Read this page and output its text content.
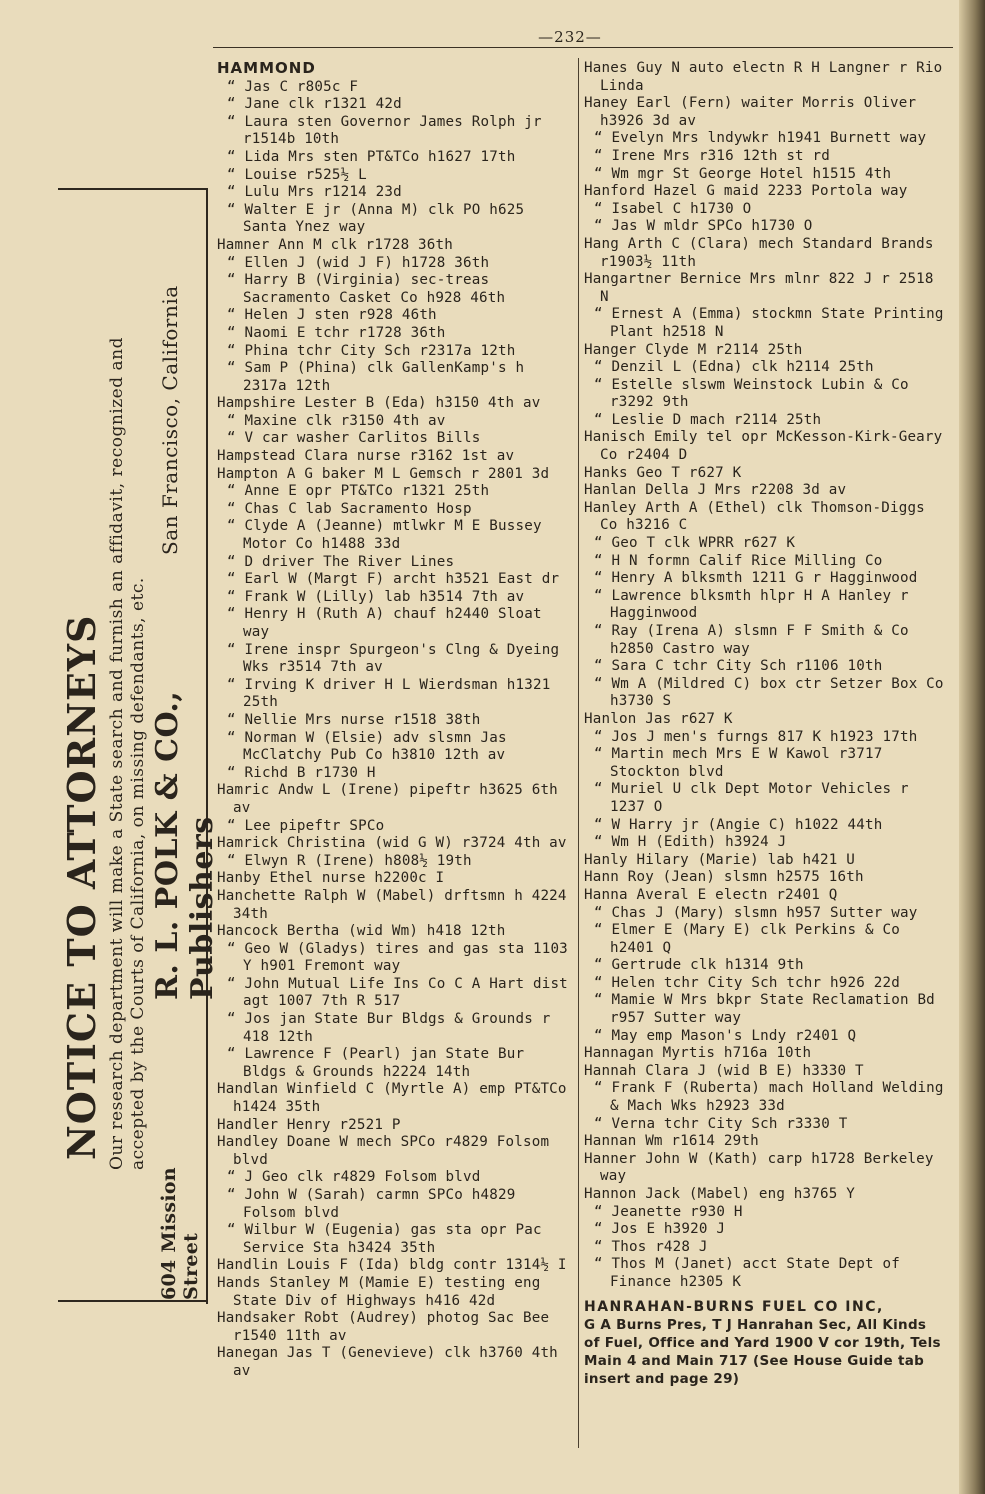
—232—
NOTICE TO ATTORNEYS Our research department will make a State search and furnish an affidavit, recognized and accepted by the Courts of California, on missing defendants, etc.
604 Mission Street
R. L. POLK & CO., Publishers
San Francisco, California
HAMMOND

“ Jas C r805c F

“ Jane clk r1321 42d

“ Laura sten Governor James Rolph jr r1514b 10th

“ Lida Mrs sten PT&TCo h1627 17th

“ Louise r525½ L

“ Lulu Mrs r1214 23d

“ Walter E jr (Anna M) clk PO h625 Santa Ynez way

Hamner Ann M clk r1728 36th

“ Ellen J (wid J F) h1728 36th

“ Harry B (Virginia) sec-treas Sacramento Casket Co h928 46th

“ Helen J sten r928 46th

“ Naomi E tchr r1728 36th

“ Phina tchr City Sch r2317a 12th

“ Sam P (Phina) clk GallenKamp's h 2317a 12th

Hampshire Lester B (Eda) h3150 4th av

“ Maxine clk r3150 4th av

“ V car washer Carlitos Bills

Hampstead Clara nurse r3162 1st av

Hampton A G baker M L Gemsch r 2801 3d

“ Anne E opr PT&TCo r1321 25th

“ Chas C lab Sacramento Hosp

“ Clyde A (Jeanne) mtlwkr M E Bussey Motor Co h1488 33d

“ D driver The River Lines

“ Earl W (Margt F) archt h3521 East dr

“ Frank W (Lilly) lab h3514 7th av

“ Henry H (Ruth A) chauf h2440 Sloat way

“ Irene inspr Spurgeon's Clng & Dyeing Wks r3514 7th av

“ Irving K driver H L Wierdsman h1321 25th

“ Nellie Mrs nurse r1518 38th

“ Norman W (Elsie) adv slsmn Jas McClatchy Pub Co h3810 12th av

“ Richd B r1730 H

Hamric Andw L (Irene) pipeftr h3625 6th av

“ Lee pipeftr SPCo

Hamrick Christina (wid G W) r3724 4th av

“ Elwyn R (Irene) h808½ 19th

Hanby Ethel nurse h2200c I

Hanchette Ralph W (Mabel) drftsmn h 4224 34th

Hancock Bertha (wid Wm) h418 12th

“ Geo W (Gladys) tires and gas sta 1103 Y h901 Fremont way

“ John Mutual Life Ins Co C A Hart dist agt 1007 7th R 517

“ Jos jan State Bur Bldgs & Grounds r 418 12th

“ Lawrence F (Pearl) jan State Bur Bldgs & Grounds h2224 14th

Handlan Winfield C (Myrtle A) emp PT&TCo h1424 35th

Handler Henry r2521 P

Handley Doane W mech SPCo r4829 Folsom blvd

“ J Geo clk r4829 Folsom blvd

“ John W (Sarah) carmn SPCo h4829 Folsom blvd

“ Wilbur W (Eugenia) gas sta opr Pac Service Sta h3424 35th

Handlin Louis F (Ida) bldg contr 1314½ I

Hands Stanley M (Mamie E) testing eng State Div of Highways h416 42d

Handsaker Robt (Audrey) photog Sac Bee r1540 11th av

Hanegan Jas T (Genevieve) clk h3760 4th av

Hanes Guy N auto electn R H Langner r Rio Linda

Haney Earl (Fern) waiter Morris Oliver h3926 3d av

“ Evelyn Mrs lndywkr h1941 Burnett way

“ Irene Mrs r316 12th st rd

“ Wm mgr St George Hotel h1515 4th

Hanford Hazel G maid 2233 Portola way

“ Isabel C h1730 O

“ Jas W mldr SPCo h1730 O

Hang Arth C (Clara) mech Standard Brands r1903½ 11th

Hangartner Bernice Mrs mlnr 822 J r 2518 N

“ Ernest A (Emma) stockmn State Printing Plant h2518 N

Hanger Clyde M r2114 25th

“ Denzil L (Edna) clk h2114 25th

“ Estelle slswm Weinstock Lubin & Co r3292 9th

“ Leslie D mach r2114 25th

Hanisch Emily tel opr McKesson-Kirk-Geary Co r2404 D

Hanks Geo T r627 K

Hanlan Della J Mrs r2208 3d av

Hanley Arth A (Ethel) clk Thomson-Diggs Co h3216 C

“ Geo T clk WPRR r627 K

“ H N formn Calif Rice Milling Co

“ Henry A blksmth 1211 G r Hagginwood

“ Lawrence blksmth hlpr H A Hanley r Hagginwood

“ Ray (Irena A) slsmn F F Smith & Co h2850 Castro way

“ Sara C tchr City Sch r1106 10th

“ Wm A (Mildred C) box ctr Setzer Box Co h3730 S

Hanlon Jas r627 K

“ Jos J men's furngs 817 K h1923 17th

“ Martin mech Mrs E W Kawol r3717 Stockton blvd

“ Muriel U clk Dept Motor Vehicles r 1237 O

“ W Harry jr (Angie C) h1022 44th

“ Wm H (Edith) h3924 J

Hanly Hilary (Marie) lab h421 U

Hann Roy (Jean) slsmn h2575 16th

Hanna Averal E electn r2401 Q

“ Chas J (Mary) slsmn h957 Sutter way

“ Elmer E (Mary E) clk Perkins & Co h2401 Q

“ Gertrude clk h1314 9th

“ Helen tchr City Sch tchr h926 22d

“ Mamie W Mrs bkpr State Reclamation Bd r957 Sutter way

“ May emp Mason's Lndy r2401 Q

Hannagan Myrtis h716a 10th

Hannah Clara J (wid B E) h3330 T

“ Frank F (Ruberta) mach Holland Welding & Mach Wks h2923 33d

“ Verna tchr City Sch r3330 T

Hannan Wm r1614 29th

Hanner John W (Kath) carp h1728 Berkeley way

Hannon Jack (Mabel) eng h3765 Y

“ Jeanette r930 H

“ Jos E h3920 J

“ Thos r428 J

“ Thos M (Janet) acct State Dept of Finance h2305 K

HANRAHAN-BURNS FUEL CO INC,
G A Burns Pres, T J Hanrahan Sec, All Kinds of Fuel, Office and Yard 1900 V cor 19th, Tels Main 4 and Main 717 (See House Guide tab insert and page 29)
